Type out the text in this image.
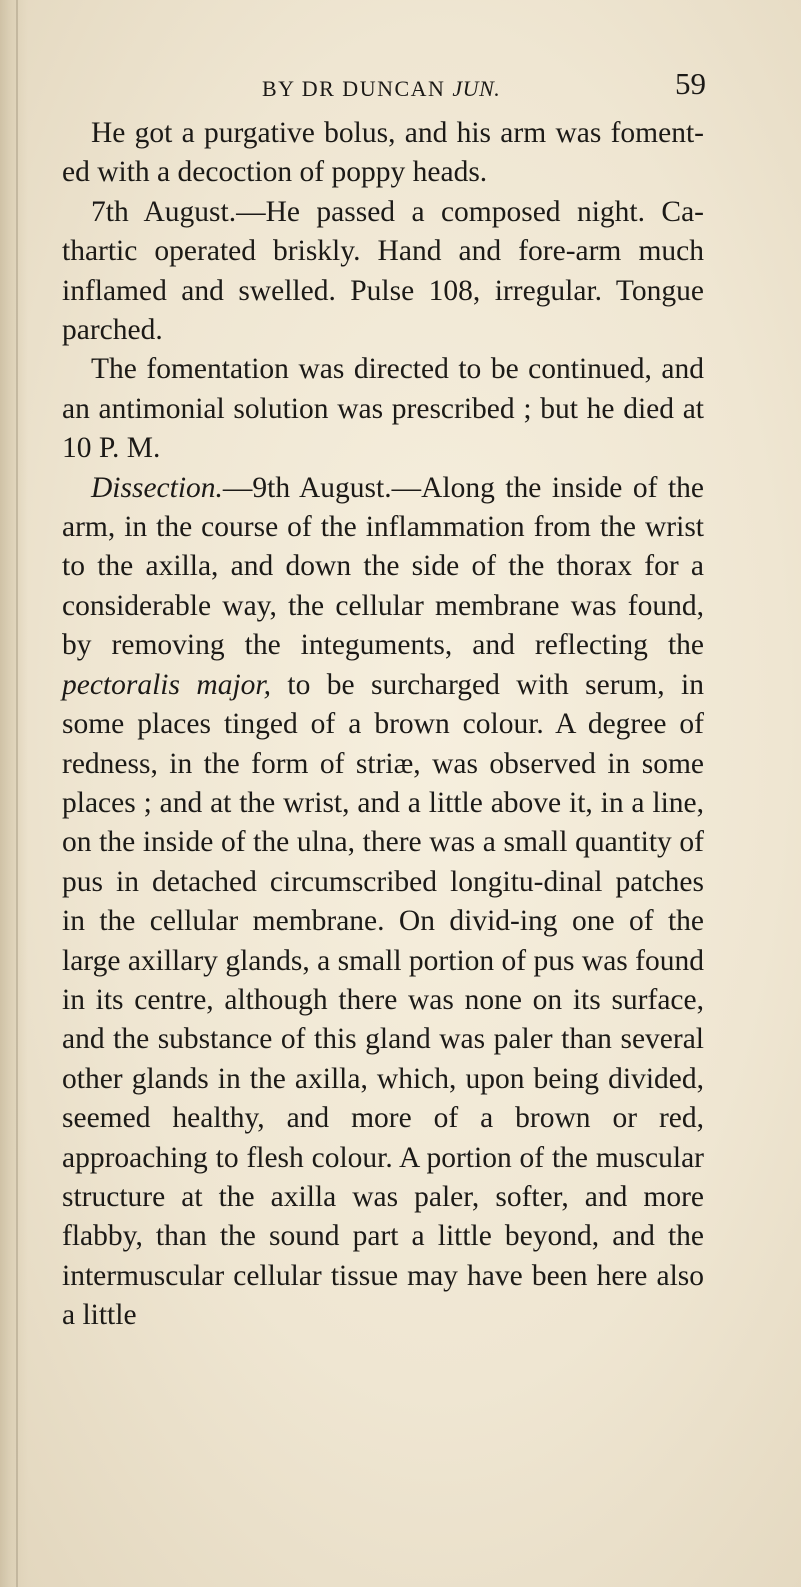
BY DR DUNCAN JUN.	59

He got a purgative bolus, and his arm was foment-ed with a decoction of poppy heads.

7th August.—He passed a composed night. Ca-thartic operated briskly. Hand and fore-arm much inflamed and swelled. Pulse 108, irregular. Tongue parched.

The fomentation was directed to be continued, and an antimonial solution was prescribed ; but he died at 10 P. M.

Dissection.—9th August.—Along the inside of the arm, in the course of the inflammation from the wrist to the axilla, and down the side of the thorax for a considerable way, the cellular membrane was found, by removing the integuments, and reflecting the pectoralis major, to be surcharged with serum, in some places tinged of a brown colour. A degree of redness, in the form of striæ, was observed in some places ; and at the wrist, and a little above it, in a line, on the inside of the ulna, there was a small quantity of pus in detached circumscribed longitu-dinal patches in the cellular membrane. On divid-ing one of the large axillary glands, a small portion of pus was found in its centre, although there was none on its surface, and the substance of this gland was paler than several other glands in the axilla, which, upon being divided, seemed healthy, and more of a brown or red, approaching to flesh colour. A portion of the muscular structure at the axilla was paler, softer, and more flabby, than the sound part a little beyond, and the intermuscular cellular tissue may have been here also a little
